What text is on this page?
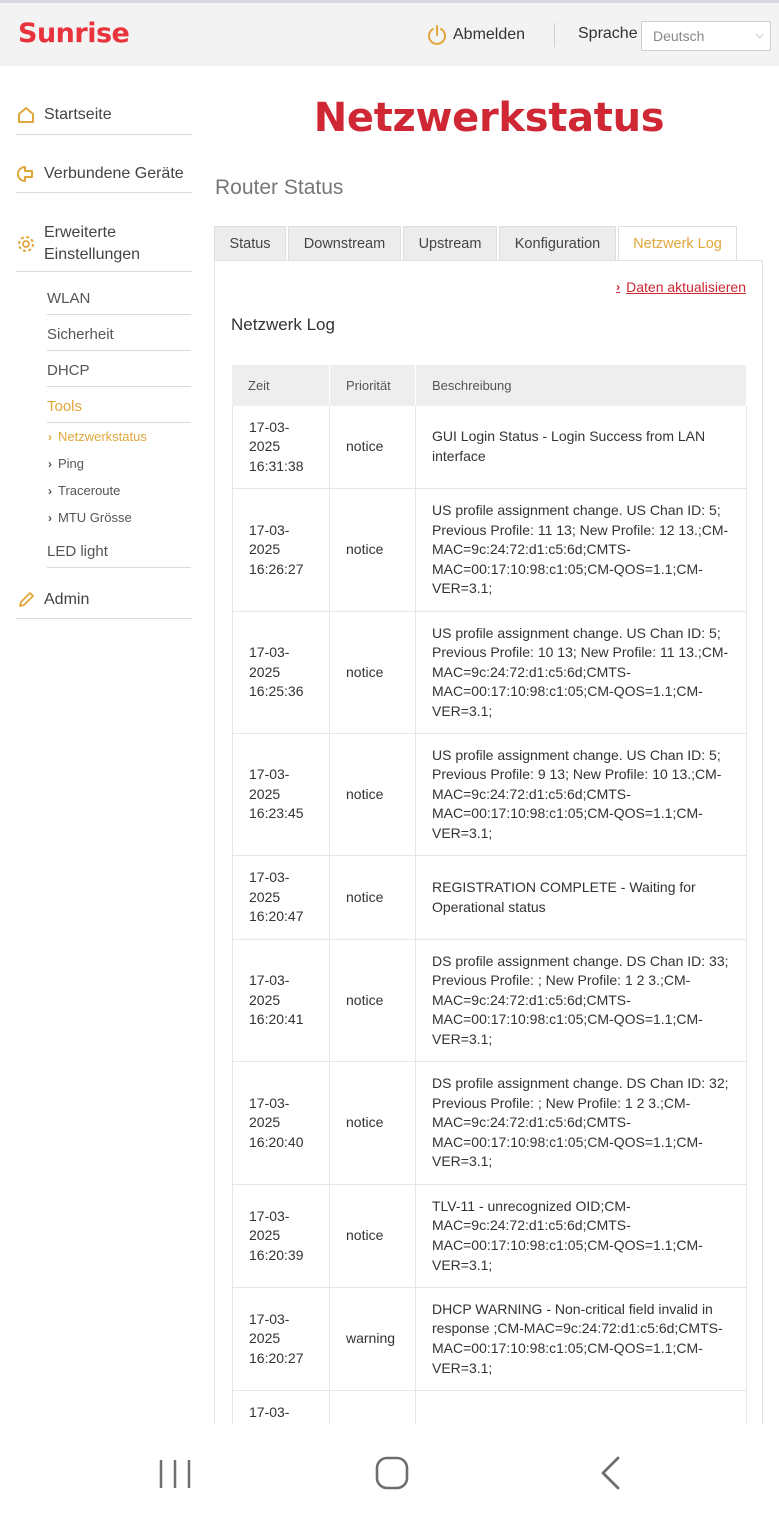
Sunrise	Abmelden	Sprache	Deutsch	⌵
Startseite
Verbundene Geräte
Erweiterte
Einstellungen
WLAN
Sicherheit
DHCP
Tools
› Netzwerkstatus
› Ping
› Traceroute
› MTU Grösse
LED light
Admin
Netzwerkstatus
Router Status
Status	Downstream	Upstream	Konfiguration	Netzwerk Log
› Daten aktualisieren
Netzwerk Log
Zeit	Priorität	Beschreibung

17-03-
2025
16:31:38	notice	GUI Login Status - Login Success from LAN interface

17-03-
2025
16:26:27	notice	US profile assignment change. US Chan ID: 5; Previous Profile: 11 13; New Profile: 12 13.;CM-MAC=9c:24:72:d1:c5:6d;CMTS-MAC=00:17:10:98:c1:05;CM-QOS=1.1;CM-VER=3.1;

17-03-
2025
16:25:36	notice	US profile assignment change. US Chan ID: 5; Previous Profile: 10 13; New Profile: 11 13.;CM-MAC=9c:24:72:d1:c5:6d;CMTS-MAC=00:17:10:98:c1:05;CM-QOS=1.1;CM-VER=3.1;

17-03-
2025
16:23:45	notice	US profile assignment change. US Chan ID: 5; Previous Profile: 9 13; New Profile: 10 13.;CM-MAC=9c:24:72:d1:c5:6d;CMTS-MAC=00:17:10:98:c1:05;CM-QOS=1.1;CM-VER=3.1;

17-03-
2025
16:20:47	notice	REGISTRATION COMPLETE - Waiting for Operational status

17-03-
2025
16:20:41	notice	DS profile assignment change. DS Chan ID: 33; Previous Profile: ; New Profile: 1 2 3.;CM-MAC=9c:24:72:d1:c5:6d;CMTS-MAC=00:17:10:98:c1:05;CM-QOS=1.1;CM-VER=3.1;

17-03-
2025
16:20:40	notice	DS profile assignment change. DS Chan ID: 32; Previous Profile: ; New Profile: 1 2 3.;CM-MAC=9c:24:72:d1:c5:6d;CMTS-MAC=00:17:10:98:c1:05;CM-QOS=1.1;CM-VER=3.1;

17-03-
2025
16:20:39	notice	TLV-11 - unrecognized OID;CM-MAC=9c:24:72:d1:c5:6d;CMTS-MAC=00:17:10:98:c1:05;CM-QOS=1.1;CM-VER=3.1;

17-03-
2025
16:20:27	warning	DHCP WARNING - Non-critical field invalid in response ;CM-MAC=9c:24:72:d1:c5:6d;CMTS-MAC=00:17:10:98:c1:05;CM-QOS=1.1;CM-VER=3.1;

17-03-		
